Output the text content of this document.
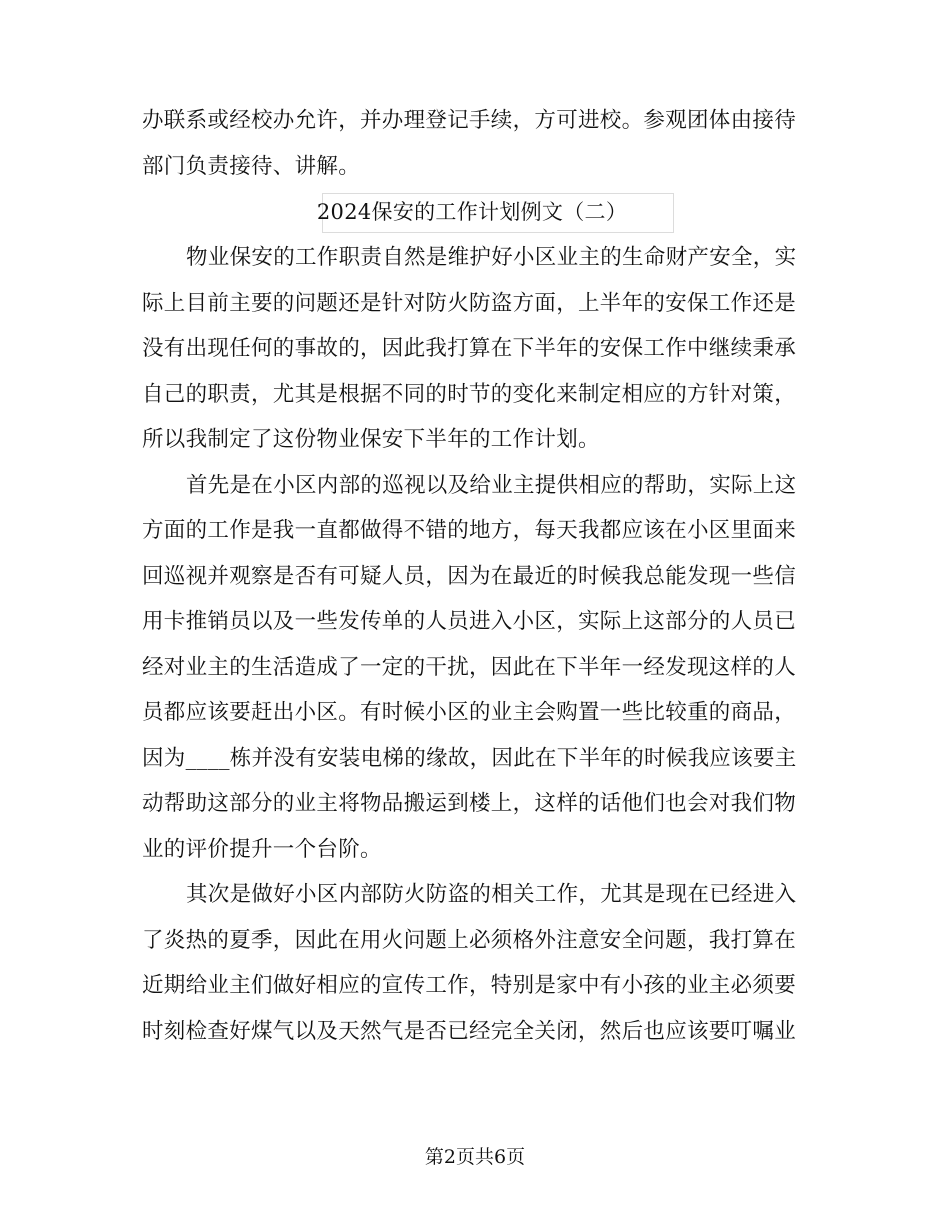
办联系或经校办允许，并办理登记手续，方可进校。参观团体由接待
部门负责接待、讲解。
2024保安的工作计划例文（二）
物业保安的工作职责自然是维护好小区业主的生命财产安全，实
际上目前主要的问题还是针对防火防盗方面，上半年的安保工作还是
没有出现任何的事故的，因此我打算在下半年的安保工作中继续秉承
自己的职责，尤其是根据不同的时节的变化来制定相应的方针对策，
所以我制定了这份物业保安下半年的工作计划。
首先是在小区内部的巡视以及给业主提供相应的帮助，实际上这
方面的工作是我一直都做得不错的地方，每天我都应该在小区里面来
回巡视并观察是否有可疑人员，因为在最近的时候我总能发现一些信
用卡推销员以及一些发传单的人员进入小区，实际上这部分的人员已
经对业主的生活造成了一定的干扰，因此在下半年一经发现这样的人
员都应该要赶出小区。有时候小区的业主会购置一些比较重的商品，
因为____栋并没有安装电梯的缘故，因此在下半年的时候我应该要主
动帮助这部分的业主将物品搬运到楼上，这样的话他们也会对我们物
业的评价提升一个台阶。
其次是做好小区内部防火防盗的相关工作，尤其是现在已经进入
了炎热的夏季，因此在用火问题上必须格外注意安全问题，我打算在
近期给业主们做好相应的宣传工作，特别是家中有小孩的业主必须要
时刻检查好煤气以及天然气是否已经完全关闭，然后也应该要叮嘱业
第2页共6页
